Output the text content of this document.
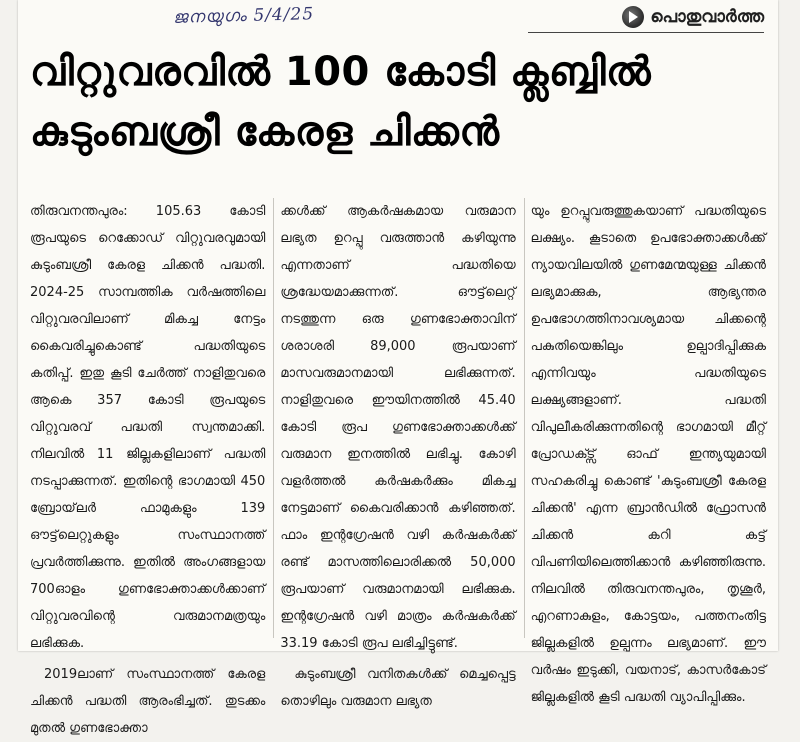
ജനയുഗം 5/4/25	പൊതുവാർത്ത
വിറ്റുവരവിൽ 100 കോടി ക്ലബ്ബിൽ
കുടുംബശ്രീ കേരള ചിക്കൻ

തിരുവനന്തപുരം: 105.63 കോടി രൂപയുടെ റെക്കോഡ് വിറ്റുവരവുമായി കുടുംബശ്രീ കേരള ചിക്കൻ പദ്ധതി. 2024-25 സാമ്പത്തിക വർഷത്തിലെ വിറ്റുവരവിലാണ് മികച്ച നേട്ടം കൈവരിച്ചുകൊണ്ട് പദ്ധതിയുടെ കതിപ്പ്. ഇതു കൂടി ചേർത്ത് നാളിതുവരെ ആകെ 357 കോടി രൂപയുടെ വിറ്റുവരവ് പദ്ധതി സ്വന്തമാക്കി. നിലവിൽ 11 ജില്ലകളിലാണ് പദ്ധതി നടപ്പാക്കുന്നത്. ഇതിന്റെ ഭാഗമായി 450 ബ്രോയ്‌ലർ ഫാമുകളും 139 ഔട്ട്‌ലെറ്റുകളും സംസ്ഥാനത്ത് പ്രവർത്തിക്കുന്നു. ഇതിൽ അംഗങ്ങളായ 700ഓളം ഗുണഭോക്താക്കൾക്കാണ് വിറ്റുവരവിന്റെ വരുമാനമത്രയും ലഭിക്കുക.

2019ലാണ് സംസ്ഥാനത്ത് കേരള ചിക്കൻ പദ്ധതി ആരംഭിച്ചത്. തുടക്കം മുതൽ ഗുണഭോക്താ

ക്കൾക്ക് ആകർഷകമായ വരുമാന ലഭ്യത ഉറപ്പു വരുത്താൻ കഴിയുന്നു എന്നതാണ് പദ്ധതിയെ ശ്രദ്ധേയമാക്കുന്നത്. ഔട്ട്‌ലെറ്റ് നടത്തുന്ന ഒരു ഗുണഭോക്താവിന് ശരാശരി 89,000 രൂപയാണ് മാസവരുമാനമായി ലഭിക്കുന്നത്. നാളിതുവരെ ഈയിനത്തിൽ 45.40 കോടി രൂപ ഗുണഭോക്താക്കൾക്ക് വരുമാന ഇനത്തിൽ ലഭിച്ചു. കോഴി വളർത്തൽ കർഷകർക്കും മികച്ച നേട്ടമാണ് കൈവരിക്കാൻ കഴിഞ്ഞത്. ഫാം ഇന്റഗ്രേഷൻ വഴി കർഷകർക്ക് രണ്ട് മാസത്തിലൊരിക്കൽ 50,000 രൂപയാണ് വരുമാനമായി ലഭിക്കുക. ഇന്റഗ്രേഷൻ വഴി മാത്രം കർഷകർക്ക് 33.19 കോടി രൂപ ലഭിച്ചിട്ടുണ്ട്.

കുടുംബശ്രീ വനിതകൾക്ക് മെച്ചപ്പെട്ട തൊഴിലും വരുമാന ലഭ്യത

യും ഉറപ്പുവരുത്തുകയാണ് പദ്ധതിയുടെ ലക്ഷ്യം. കൂടാതെ ഉപഭോക്താക്കൾക്ക് ന്യായവിലയിൽ ഗുണമേന്മയുള്ള ചിക്കൻ ലഭ്യമാക്കുക, ആഭ്യന്തര ഉപഭോഗത്തിനാവശ്യമായ ചിക്കന്റെ പകുതിയെങ്കിലും ഉല്പാദിപ്പിക്കുക എന്നിവയും പദ്ധതിയുടെ ലക്ഷ്യങ്ങളാണ്. പദ്ധതി വിപുലീകരിക്കുന്നതിന്റെ ഭാഗമായി മീറ്റ് പ്രോഡക്ട്സ് ഓഫ് ഇന്ത്യയുമായി സഹകരിച്ചു കൊണ്ട് 'കുടുംബശ്രീ കേരള ചിക്കൻ' എന്ന ബ്രാൻഡിൽ ഫ്രോസൻ ചിക്കൻ കറി കട്ട് വിപണിയിലെത്തിക്കാൻ കഴിഞ്ഞിരുന്നു. നിലവിൽ തിരുവനന്തപുരം, തൃശൂർ, എറണാകുളം, കോട്ടയം, പത്തനംതിട്ട ജില്ലകളിൽ ഉല്പന്നം ലഭ്യമാണ്. ഈ വർഷം ഇടുക്കി, വയനാട്, കാസർകോട് ജില്ലകളിൽ കൂടി പദ്ധതി വ്യാപിപ്പിക്കും.
